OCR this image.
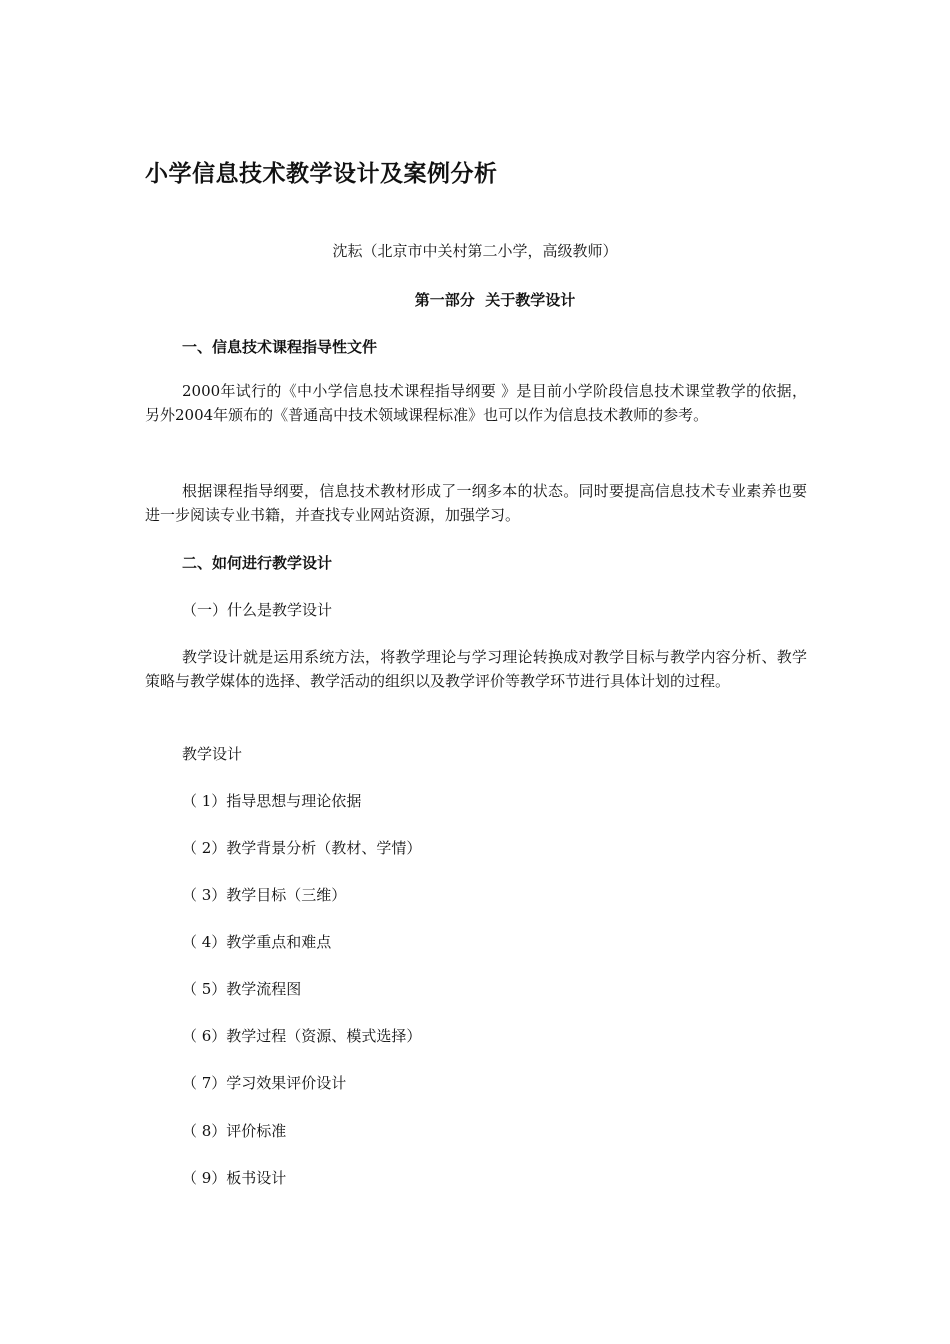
小学信息技术教学设计及案例分析

沈耘（北京市中关村第二小学，高级教师）

第一部分  关于教学设计

一、信息技术课程指导性文件

2000年试行的《中小学信息技术课程指导纲要 》是目前小学阶段信息技术课堂教学的依据，另外2004年颁布的《普通高中技术领域课程标准》也可以作为信息技术教师的参考。

根据课程指导纲要，信息技术教材形成了一纲多本的状态。同时要提高信息技术专业素养也要进一步阅读专业书籍，并查找专业网站资源，加强学习。

二、如何进行教学设计

（一）什么是教学设计

教学设计就是运用系统方法，将教学理论与学习理论转换成对教学目标与教学内容分析、教学策略与教学媒体的选择、教学活动的组织以及教学评价等教学环节进行具体计划的过程。

教学设计

（ 1）指导思想与理论依据
（ 2）教学背景分析（教材、学情）
（ 3）教学目标（三维）
（ 4）教学重点和难点
（ 5）教学流程图
（ 6）教学过程（资源、模式选择）
（ 7）学习效果评价设计
（ 8）评价标准
（ 9）板书设计
